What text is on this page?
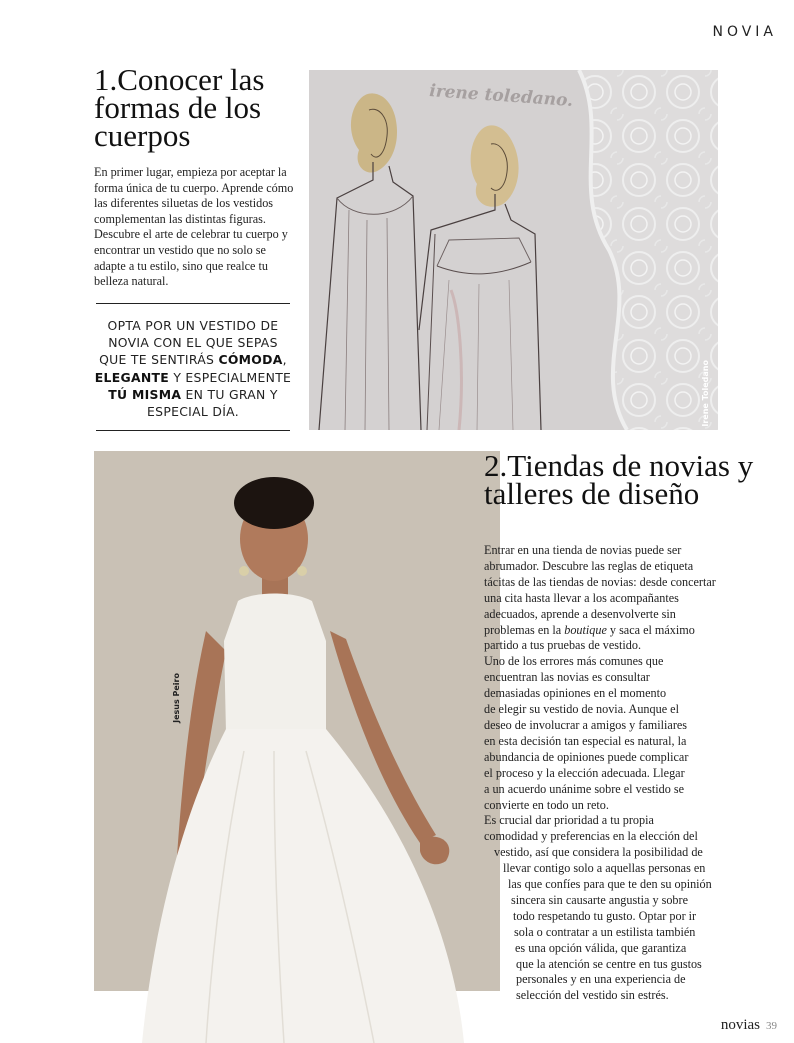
NOVIA
1.Conocer las formas de los cuerpos

En primer lugar, empieza por aceptar la forma única de tu cuerpo. Aprende cómo las diferentes siluetas de los vestidos complementan las distintas figuras. Descubre el arte de celebrar tu cuerpo y encontrar un vestido que no solo se adapte a tu estilo, sino que realce tu belleza natural.

OPTA POR UN VESTIDO DE NOVIA CON EL QUE SEPAS QUE TE SENTIRÁS CÓMODA, ELEGANTE Y ESPECIALMENTE TÚ MISMA EN TU GRAN Y ESPECIAL DÍA.

irene toledano.
Irene Toledano
Jesus Peiro
2.Tiendas de novias y talleres de diseño
Entrar en una tienda de novias puede ser
abrumador. Descubre las reglas de etiqueta
tácitas de las tiendas de novias: desde concertar
una cita hasta llevar a los acompañantes
adecuados, aprende a desenvolverte sin
problemas en la boutique y saca el máximo
partido a tus pruebas de vestido.
Uno de los errores más comunes que
encuentran las novias es consultar
demasiadas opiniones en el momento
de elegir su vestido de novia. Aunque el
deseo de involucrar a amigos y familiares
en esta decisión tan especial es natural, la
abundancia de opiniones puede complicar
el proceso y la elección adecuada. Llegar
a un acuerdo unánime sobre el vestido se
convierte en todo un reto.
Es crucial dar prioridad a tu propia
comodidad y preferencias en la elección del
vestido, así que considera la posibilidad de
llevar contigo solo a aquellas personas en
las que confíes para que te den su opinión
sincera sin causarte angustia y sobre
todo respetando tu gusto. Optar por ir
sola o contratar a un estilista también
es una opción válida, que garantiza
que la atención se centre en tus gustos
personales y en una experiencia de
selección del vestido sin estrés.
novias 39
